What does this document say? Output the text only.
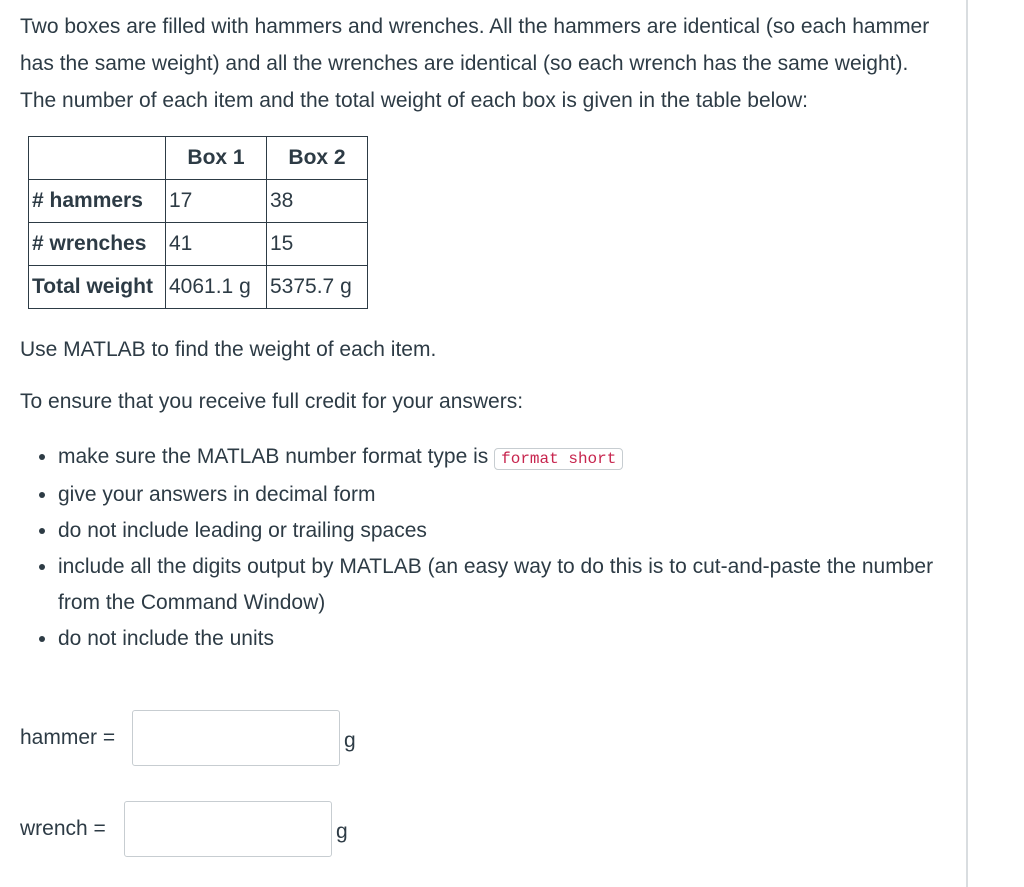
Two boxes are filled with hammers and wrenches. All the hammers are identical (so each hammer has the same weight) and all the wrenches are identical (so each wrench has the same weight). The number of each item and the total weight of each box is given in the table below:

	Box 1	Box 2
# hammers	17	38
# wrenches	41	15
Total weight	4061.1 g	5375.7 g

Use MATLAB to find the weight of each item.

To ensure that you receive full credit for your answers:

• make sure the MATLAB number format type is format short
• give your answers in decimal form
• do not include leading or trailing spaces
• include all the digits output by MATLAB (an easy way to do this is to cut-and-paste the number from the Command Window)
• do not include the units
hammer =	g
wrench =	g
